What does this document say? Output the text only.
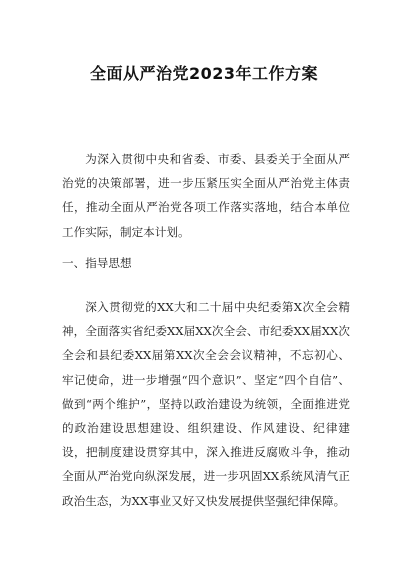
全面从严治党2023年工作方案
为深入贯彻中央和省委、市委、县委关于全面从严治党的决策部署，进一步压紧压实全面从严治党主体责任，推动全面从严治党各项工作落实落地，结合本单位工作实际，制定本计划。
一、指导思想
深入贯彻党的XX大和二十届中央纪委第X次全会精神，全面落实省纪委XX届XX次全会、市纪委XX届XX次全会和县纪委XX届第XX次全会会议精神，不忘初心、牢记使命，进一步增强“四个意识”、坚定“四个自信”、做到“两个维护”，坚持以政治建设为统领，全面推进党的政治建设思想建设、组织建设、作风建设、纪律建设，把制度建设贯穿其中，深入推进反腐败斗争，推动全面从严治党向纵深发展，进一步巩固XX系统风清气正政治生态，为XX事业又好又快发展提供坚强纪律保障。
